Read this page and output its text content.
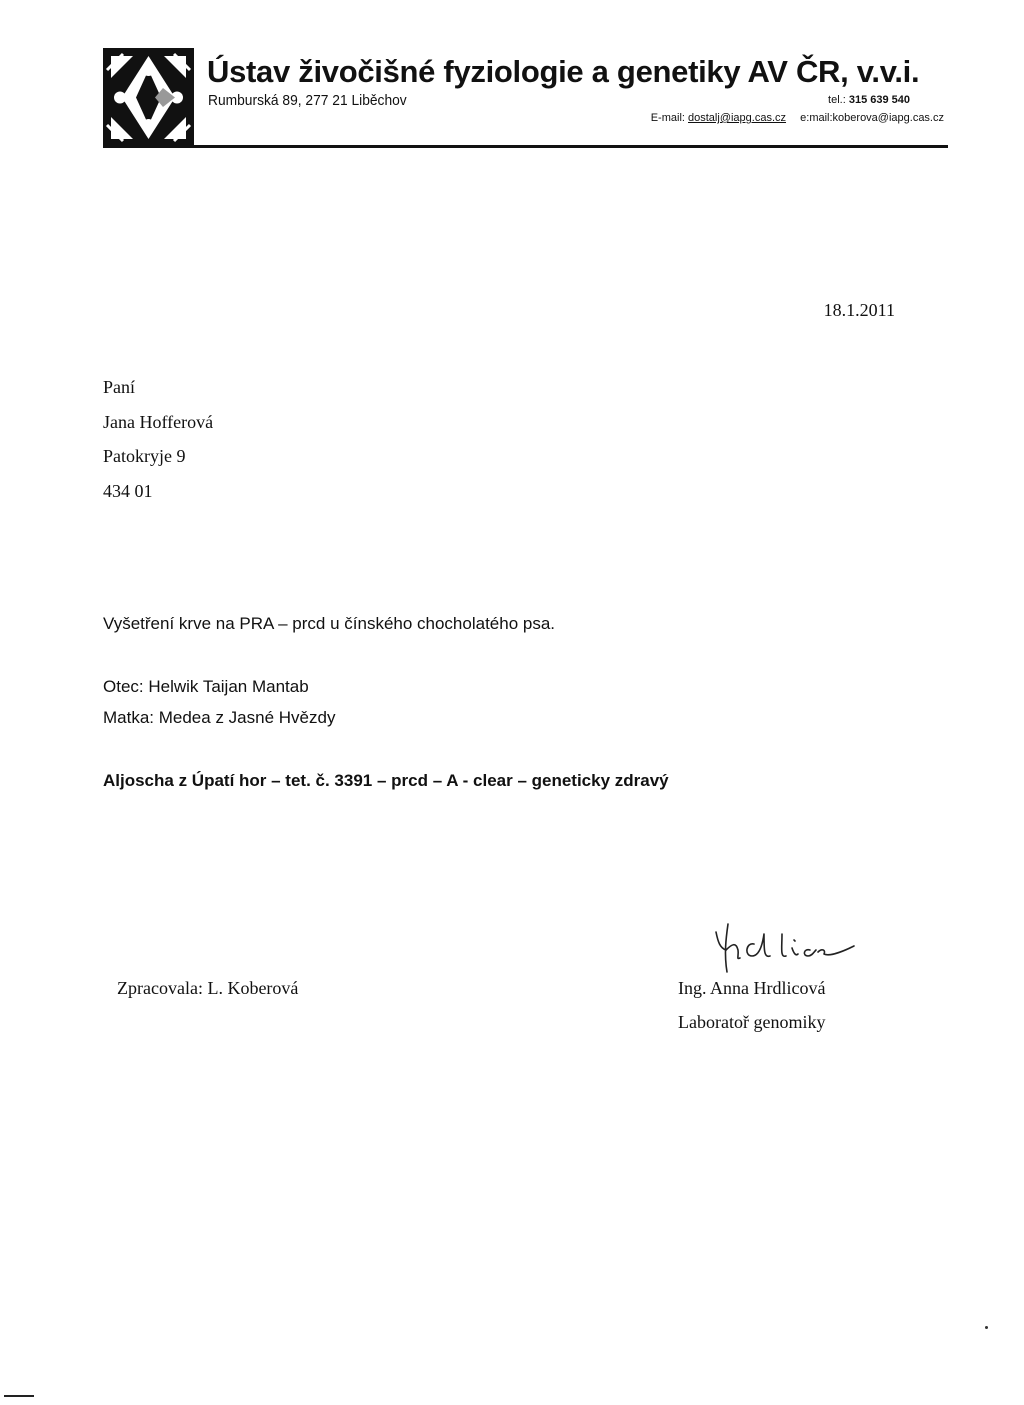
Ústav živočišné fyziologie a genetiky AV ČR, v.v.i.
Rumburská 89, 277 21 Liběchov	tel.: 315 639 540
E-mail: dostalj@iapg.cas.cz e:mail:koberova@iapg.cas.cz
18.1.2011
Paní
Jana Hofferová
Patokryje 9
434 01
Vyšetření krve na PRA – prcd u čínského chocholatého psa.
Otec: Helwik Taijan Mantab
Matka: Medea z Jasné Hvězdy
Aljoscha z Úpatí hor – tet. č. 3391 – prcd – A - clear – geneticky zdravý
Zpracovala: L. Koberová	Ing. Anna Hrdlicová
Laboratoř genomiky
